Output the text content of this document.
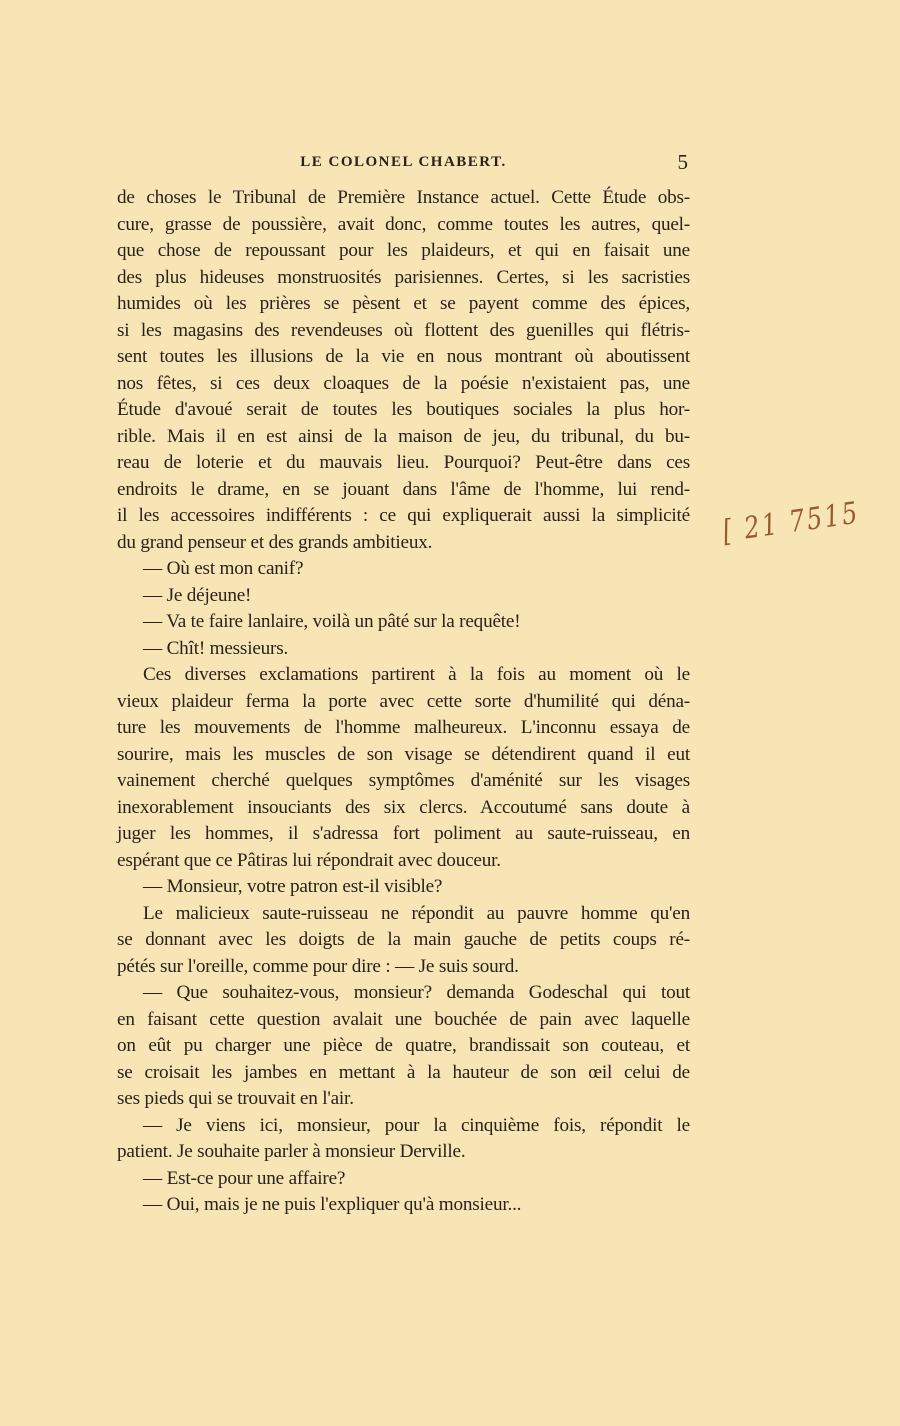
LE COLONEL CHABERT.	5
de choses le Tribunal de Première Instance actuel. Cette Étude obs-
cure, grasse de poussière, avait donc, comme toutes les autres, quel-
que chose de repoussant pour les plaideurs, et qui en faisait une
des plus hideuses monstruosités parisiennes. Certes, si les sacristies
humides où les prières se pèsent et se payent comme des épices,
si les magasins des revendeuses où flottent des guenilles qui flétris-
sent toutes les illusions de la vie en nous montrant où aboutissent
nos fêtes, si ces deux cloaques de la poésie n'existaient pas, une
Étude d'avoué serait de toutes les boutiques sociales la plus hor-
rible. Mais il en est ainsi de la maison de jeu, du tribunal, du bu-
reau de loterie et du mauvais lieu. Pourquoi? Peut-être dans ces
endroits le drame, en se jouant dans l'âme de l'homme, lui rend-
il les accessoires indifférents : ce qui expliquerait aussi la simplicité
du grand penseur et des grands ambitieux.
— Où est mon canif?
— Je déjeune!
— Va te faire lanlaire, voilà un pâté sur la requête!
— Chît! messieurs.
Ces diverses exclamations partirent à la fois au moment où le
vieux plaideur ferma la porte avec cette sorte d'humilité qui déna-
ture les mouvements de l'homme malheureux. L'inconnu essaya de
sourire, mais les muscles de son visage se détendirent quand il eut
vainement cherché quelques symptômes d'aménité sur les visages
inexorablement insouciants des six clercs. Accoutumé sans doute à
juger les hommes, il s'adressa fort poliment au saute-ruisseau, en
espérant que ce Pâtiras lui répondrait avec douceur.
— Monsieur, votre patron est-il visible?
Le malicieux saute-ruisseau ne répondit au pauvre homme qu'en
se donnant avec les doigts de la main gauche de petits coups ré-
pétés sur l'oreille, comme pour dire : — Je suis sourd.
— Que souhaitez-vous, monsieur? demanda Godeschal qui tout
en faisant cette question avalait une bouchée de pain avec laquelle
on eût pu charger une pièce de quatre, brandissait son couteau, et
se croisait les jambes en mettant à la hauteur de son œil celui de
ses pieds qui se trouvait en l'air.
— Je viens ici, monsieur, pour la cinquième fois, répondit le
patient. Je souhaite parler à monsieur Derville.
— Est-ce pour une affaire?
— Oui, mais je ne puis l'expliquer qu'à monsieur...
[ 21 7515
